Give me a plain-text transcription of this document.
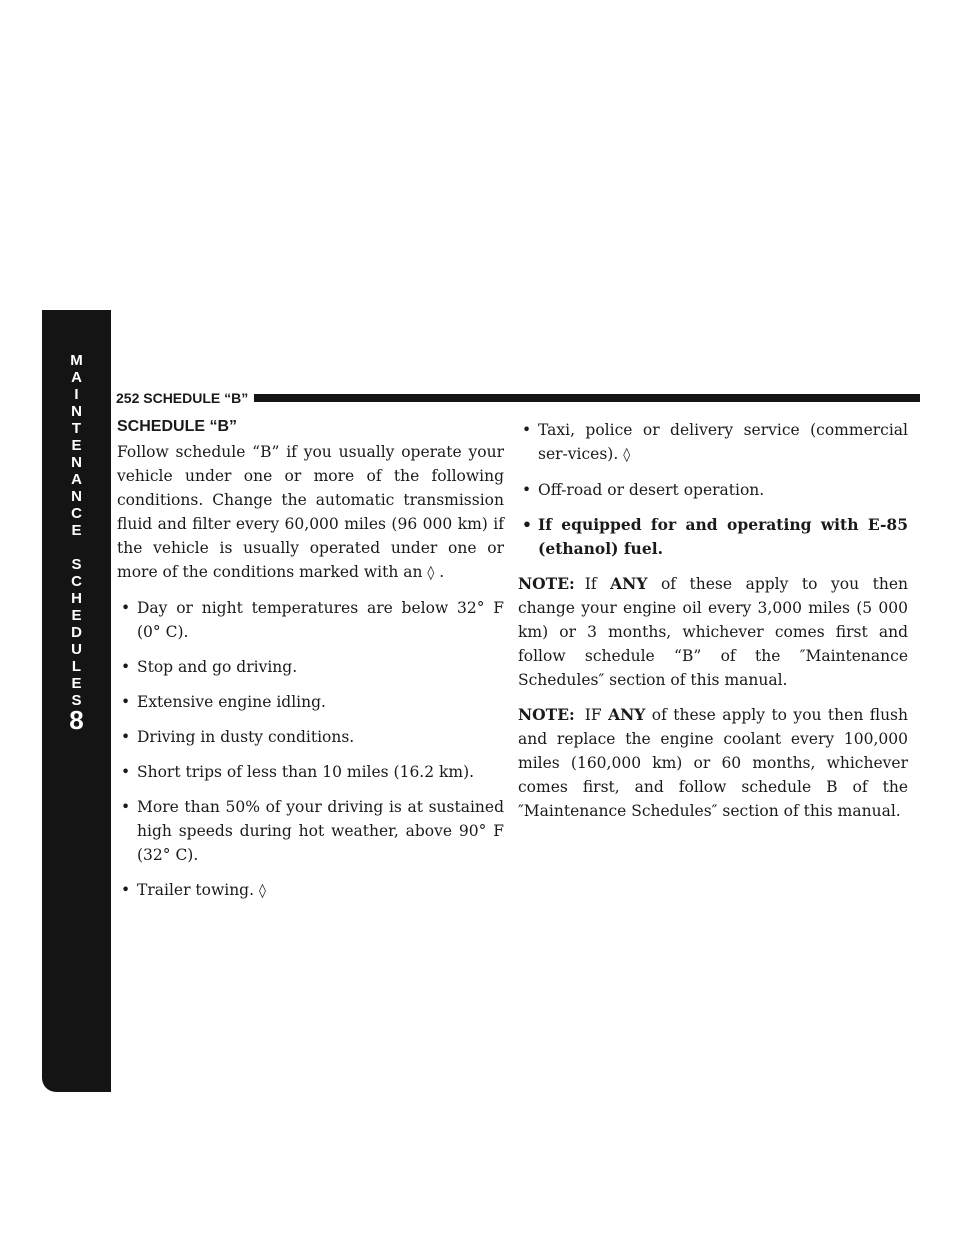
M
A
I
N
T
E
N
A
N
C
E

S
C
H
E
D
U
L
E
S
8
252 SCHEDULE “B”
SCHEDULE “B”

Follow schedule “B” if you usually operate your vehicle under one or more of the following conditions. Change the automatic transmission fluid and filter every 60,000 miles (96 000 km) if the vehicle is usually operated under one or more of the conditions marked with an ◊ .

• Day or night temperatures are below 32° F (0° C).
• Stop and go driving.
• Extensive engine idling.
• Driving in dusty conditions.
• Short trips of less than 10 miles (16.2 km).
• More than 50% of your driving is at sustained high speeds during hot weather, above 90° F (32° C).
• Trailer towing. ◊
• Taxi, police or delivery service (commercial ser-vices). ◊
• Off-road or desert operation.
• If equipped for and operating with E-85 (ethanol) fuel.

NOTE: If ANY of these apply to you then change your engine oil every 3,000 miles (5 000 km) or 3 months, whichever comes first and follow schedule “B” of the ″Maintenance Schedules″ section of this manual.

NOTE: IF ANY of these apply to you then flush and replace the engine coolant every 100,000 miles (160,000 km) or 60 months, whichever comes first, and follow schedule B of the ″Maintenance Schedules″ section of this manual.
